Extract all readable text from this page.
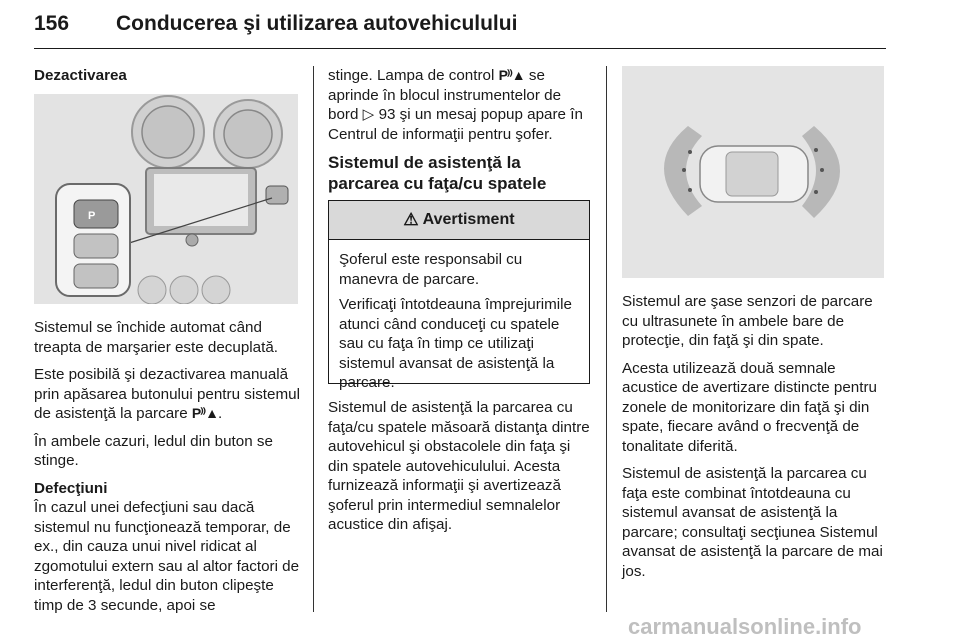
156 Conducerea şi utilizarea autovehiculului
Dezactivarea
P

Sistemul se închide automat când treapta de marşarier este decuplată.

Este posibilă şi dezactivarea manuală prin apăsarea butonului pentru sistemul de asistenţă la parcare P⁾⁾▲.

În ambele cazuri, ledul din buton se stinge.

Defecţiuni

În cazul unei defecţiuni sau dacă sistemul nu funcţionează temporar, de ex., din cauza unui nivel ridicat al zgomotului extern sau al altor factori de interferenţă, ledul din buton clipeşte timp de 3 secunde, apoi se

stinge. Lampa de control P⁾⁾▲ se aprinde în blocul instrumentelor de bord ▷ 93 şi un mesaj popup apare în Centrul de informaţii pentru şofer.

Sistemul de asistenţă la parcarea cu faţa/cu spatele
⚠ Avertisment

Şoferul este responsabil cu manevra de parcare.

Verificaţi întotdeauna împrejurimile atunci când conduceţi cu spatele sau cu faţa în timp ce utilizaţi sistemul avansat de asistenţă la parcare.

Sistemul de asistenţă la parcarea cu faţa/cu spatele măsoară distanţa dintre autovehicul şi obstacolele din faţa şi din spatele autovehiculului. Acesta furnizează informaţii şi avertizează şoferul prin intermediul semnalelor acustice din afişaj.

Sistemul are şase senzori de parcare cu ultrasunete în ambele bare de protecţie, din faţă şi din spate.

Acesta utilizează două semnale acustice de avertizare distincte pentru zonele de monitorizare din faţă şi din spate, fiecare având o frecvenţă de tonalitate diferită.

Sistemul de asistenţă la parcarea cu faţa este combinat întotdeauna cu sistemul avansat de asistenţă la parcare; consultaţi secţiunea Sistemul avansat de asistenţă la parcare de mai jos.

carmanualsonline.info
